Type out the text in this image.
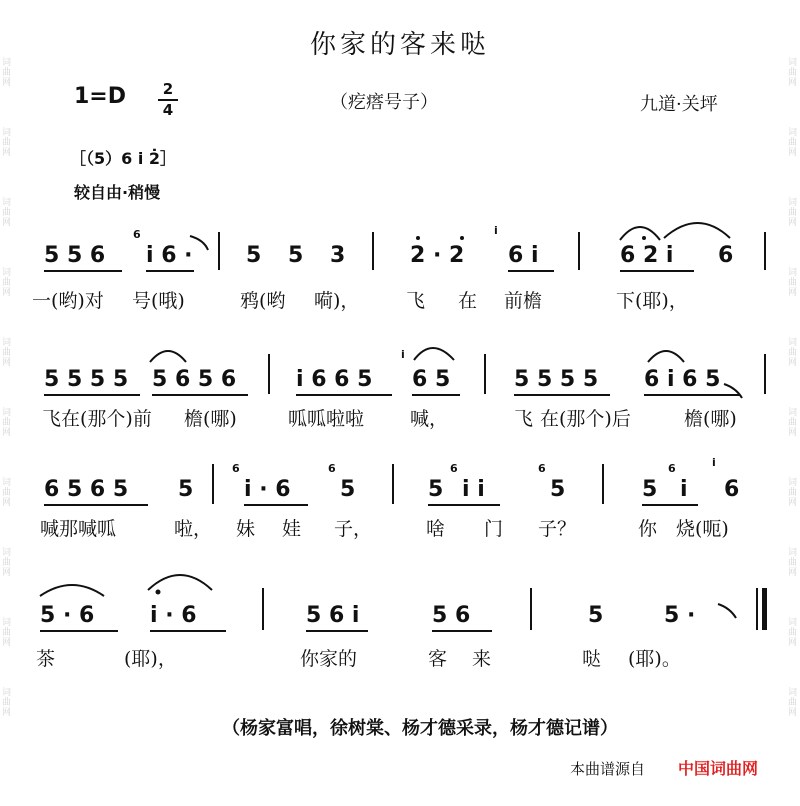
词曲网
词曲网
词曲网
词曲网
词曲网
词曲网
词曲网
词曲网
词曲网
词曲网
词曲网
词曲网
词曲网
词曲网
词曲网
词曲网
词曲网
词曲网
词曲网
词曲网
你家的客来哒
1=D	2
4	（疙瘩号子）	九道·关坪
［（5）6 i 2̇］
较自由·稍慢
5 5 6
6
i 6 · 5 5 3	2 · 2
i
6 i	6 2 i 6
一(哟)对 号(哦)	鸦(哟 嗬)， 飞 在 前檐	下(耶)，
5 5 5 5 5 6 5 6	i 6 6 5
i
6 5	5 5 5 5 6 i 6 5
飞在(那个)前 檐(哪)	呱呱啦啦 喊，	飞 在(那个)后	檐(哪)
6 5 6 5 5
6
i · 6
6
5	5
6
i i
6
5	5
6
i
i
6
喊那喊呱	啦， 妹 娃 子，	啥 门 子？	你 烧(呃)
5 · 6	i · 6	5 6 i	5 6	5	5 ·
茶	(耶)，	你家的	客 来	哒 (耶)。
（杨家富唱，徐树棠、杨才德采录，杨才德记谱）
本曲谱源自 中国词曲网
